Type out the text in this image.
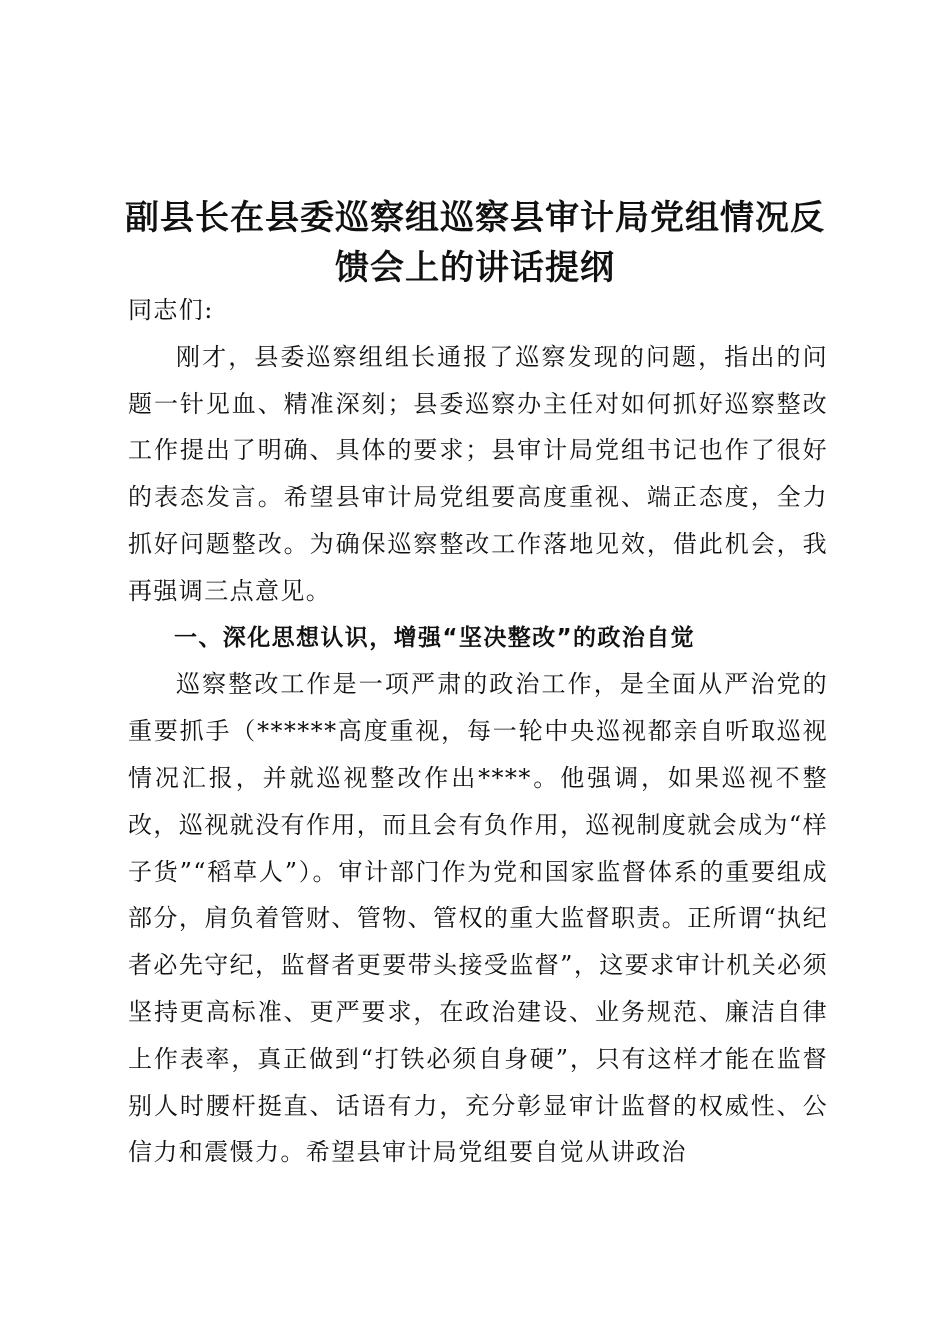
副县长在县委巡察组巡察县审计局党组情况反
馈会上的讲话提纲

同志们:

刚才，县委巡察组组长通报了巡察发现的问题，指出的问题一针见血、精准深刻；县委巡察办主任对如何抓好巡察整改工作提出了明确、具体的要求；县审计局党组书记也作了很好的表态发言。希望县审计局党组要高度重视、端正态度，全力抓好问题整改。为确保巡察整改工作落地见效，借此机会，我再强调三点意见。

一、深化思想认识，增强“坚决整改”的政治自觉

巡察整改工作是一项严肃的政治工作，是全面从严治党的重要抓手（******高度重视，每一轮中央巡视都亲自听取巡视情况汇报，并就巡视整改作出****。他强调，如果巡视不整改，巡视就没有作用，而且会有负作用，巡视制度就会成为“样子货”“稻草人”）。审计部门作为党和国家监督体系的重要组成部分，肩负着管财、管物、管权的重大监督职责。正所谓“执纪者必先守纪，监督者更要带头接受监督”，这要求审计机关必须坚持更高标准、更严要求，在政治建设、业务规范、廉洁自律上作表率，真正做到“打铁必须自身硬”，只有这样才能在监督别人时腰杆挺直、话语有力，充分彰显审计监督的权威性、公信力和震慑力。希望县审计局党组要自觉从讲政治
